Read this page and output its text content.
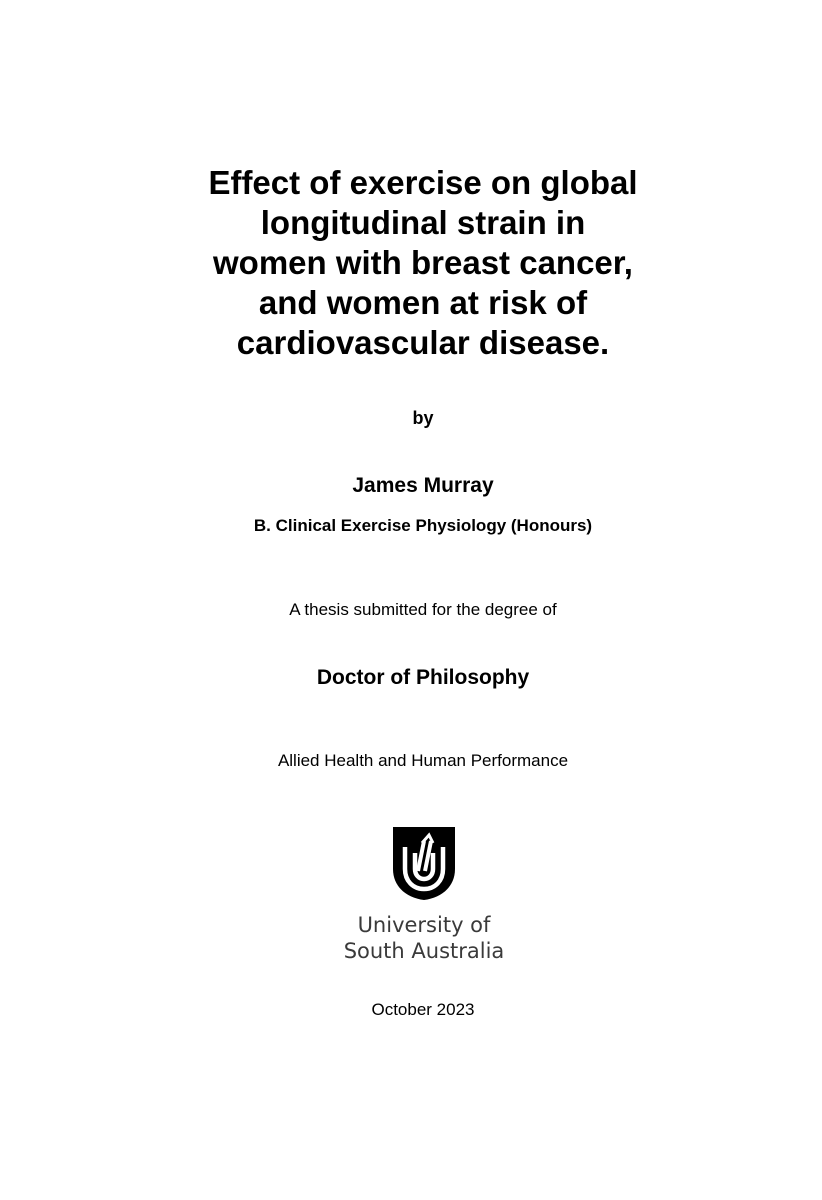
Effect of exercise on global
longitudinal strain in
women with breast cancer,
and women at risk of
cardiovascular disease.

by

James Murray

B. Clinical Exercise Physiology (Honours)

A thesis submitted for the degree of

Doctor of Philosophy

Allied Health and Human Performance

University of
South Australia

October 2023
